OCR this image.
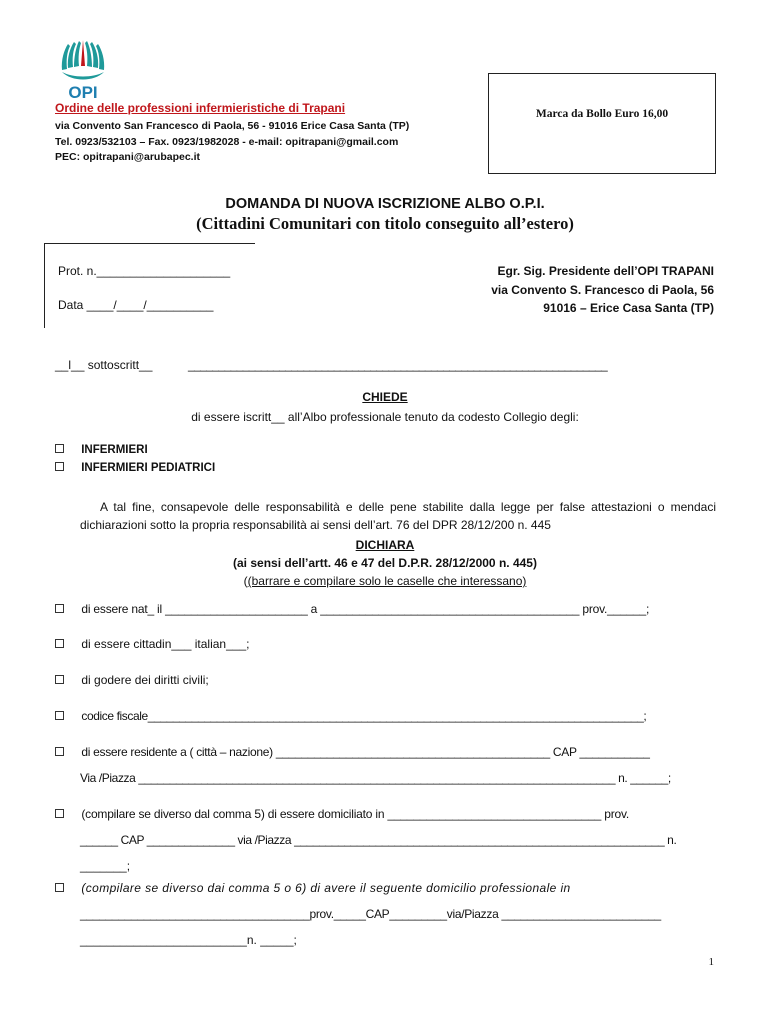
OPI
Ordine delle professioni infermieristiche di Trapani
via Convento San Francesco di Paola, 56 - 91016 Erice Casa Santa (TP)
Tel. 0923/532103 – Fax. 0923/1982028 - e-mail: opitrapani@gmail.com
PEC: opitrapani@arubapec.it
Marca da Bollo Euro 16,00
DOMANDA DI NUOVA ISCRIZIONE ALBO O.P.I.
(Cittadini Comunitari con titolo conseguito all’estero)
Prot. n.____________________
Data ____/____/__________
Egr. Sig. Presidente dell’OPI TRAPANI
via Convento S. Francesco di Paola, 56
91016 – Erice Casa Santa (TP)
__l__ sottoscritt__	_____________________________________________________________________
CHIEDE
di essere iscritt__ all’Albo professionale tenuto da codesto Collegio degli:
INFERMIERI
INFERMIERI PEDIATRICI
A tal fine, consapevole delle responsabilità e delle pene stabilite dalla legge per false attestazioni o mendaci dichiarazioni sotto la propria responsabilità ai sensi dell’art. 76 del DPR 28/12/200 n. 445
DICHIARA
(ai sensi dell’artt. 46 e 47 del D.P.R. 28/12/2000 n. 445)
((barrare e compilare solo le caselle che interessano)
di essere nat_ il ______________________ a ________________________________________ prov.______;
di essere cittadin___ italian___;
di godere dei diritti civili;
codice fiscale_______________________________________________________________________________;
di essere residente a ( città – nazione) ___________________________________________ CAP ___________
Via /Piazza ____________________________________________________________________________ n. ______;
(compilare se diverso dal comma 5) di essere domiciliato in _________________________________ prov.
______ CAP ______________ via /Piazza ___________________________________________________________ n.
_______;
(compilare se diverso dai comma 5 o 6) di avere il seguente domicilio professionale in
____________________________________prov._____CAP_________via/Piazza _________________________
_________________________n. _____;
1
